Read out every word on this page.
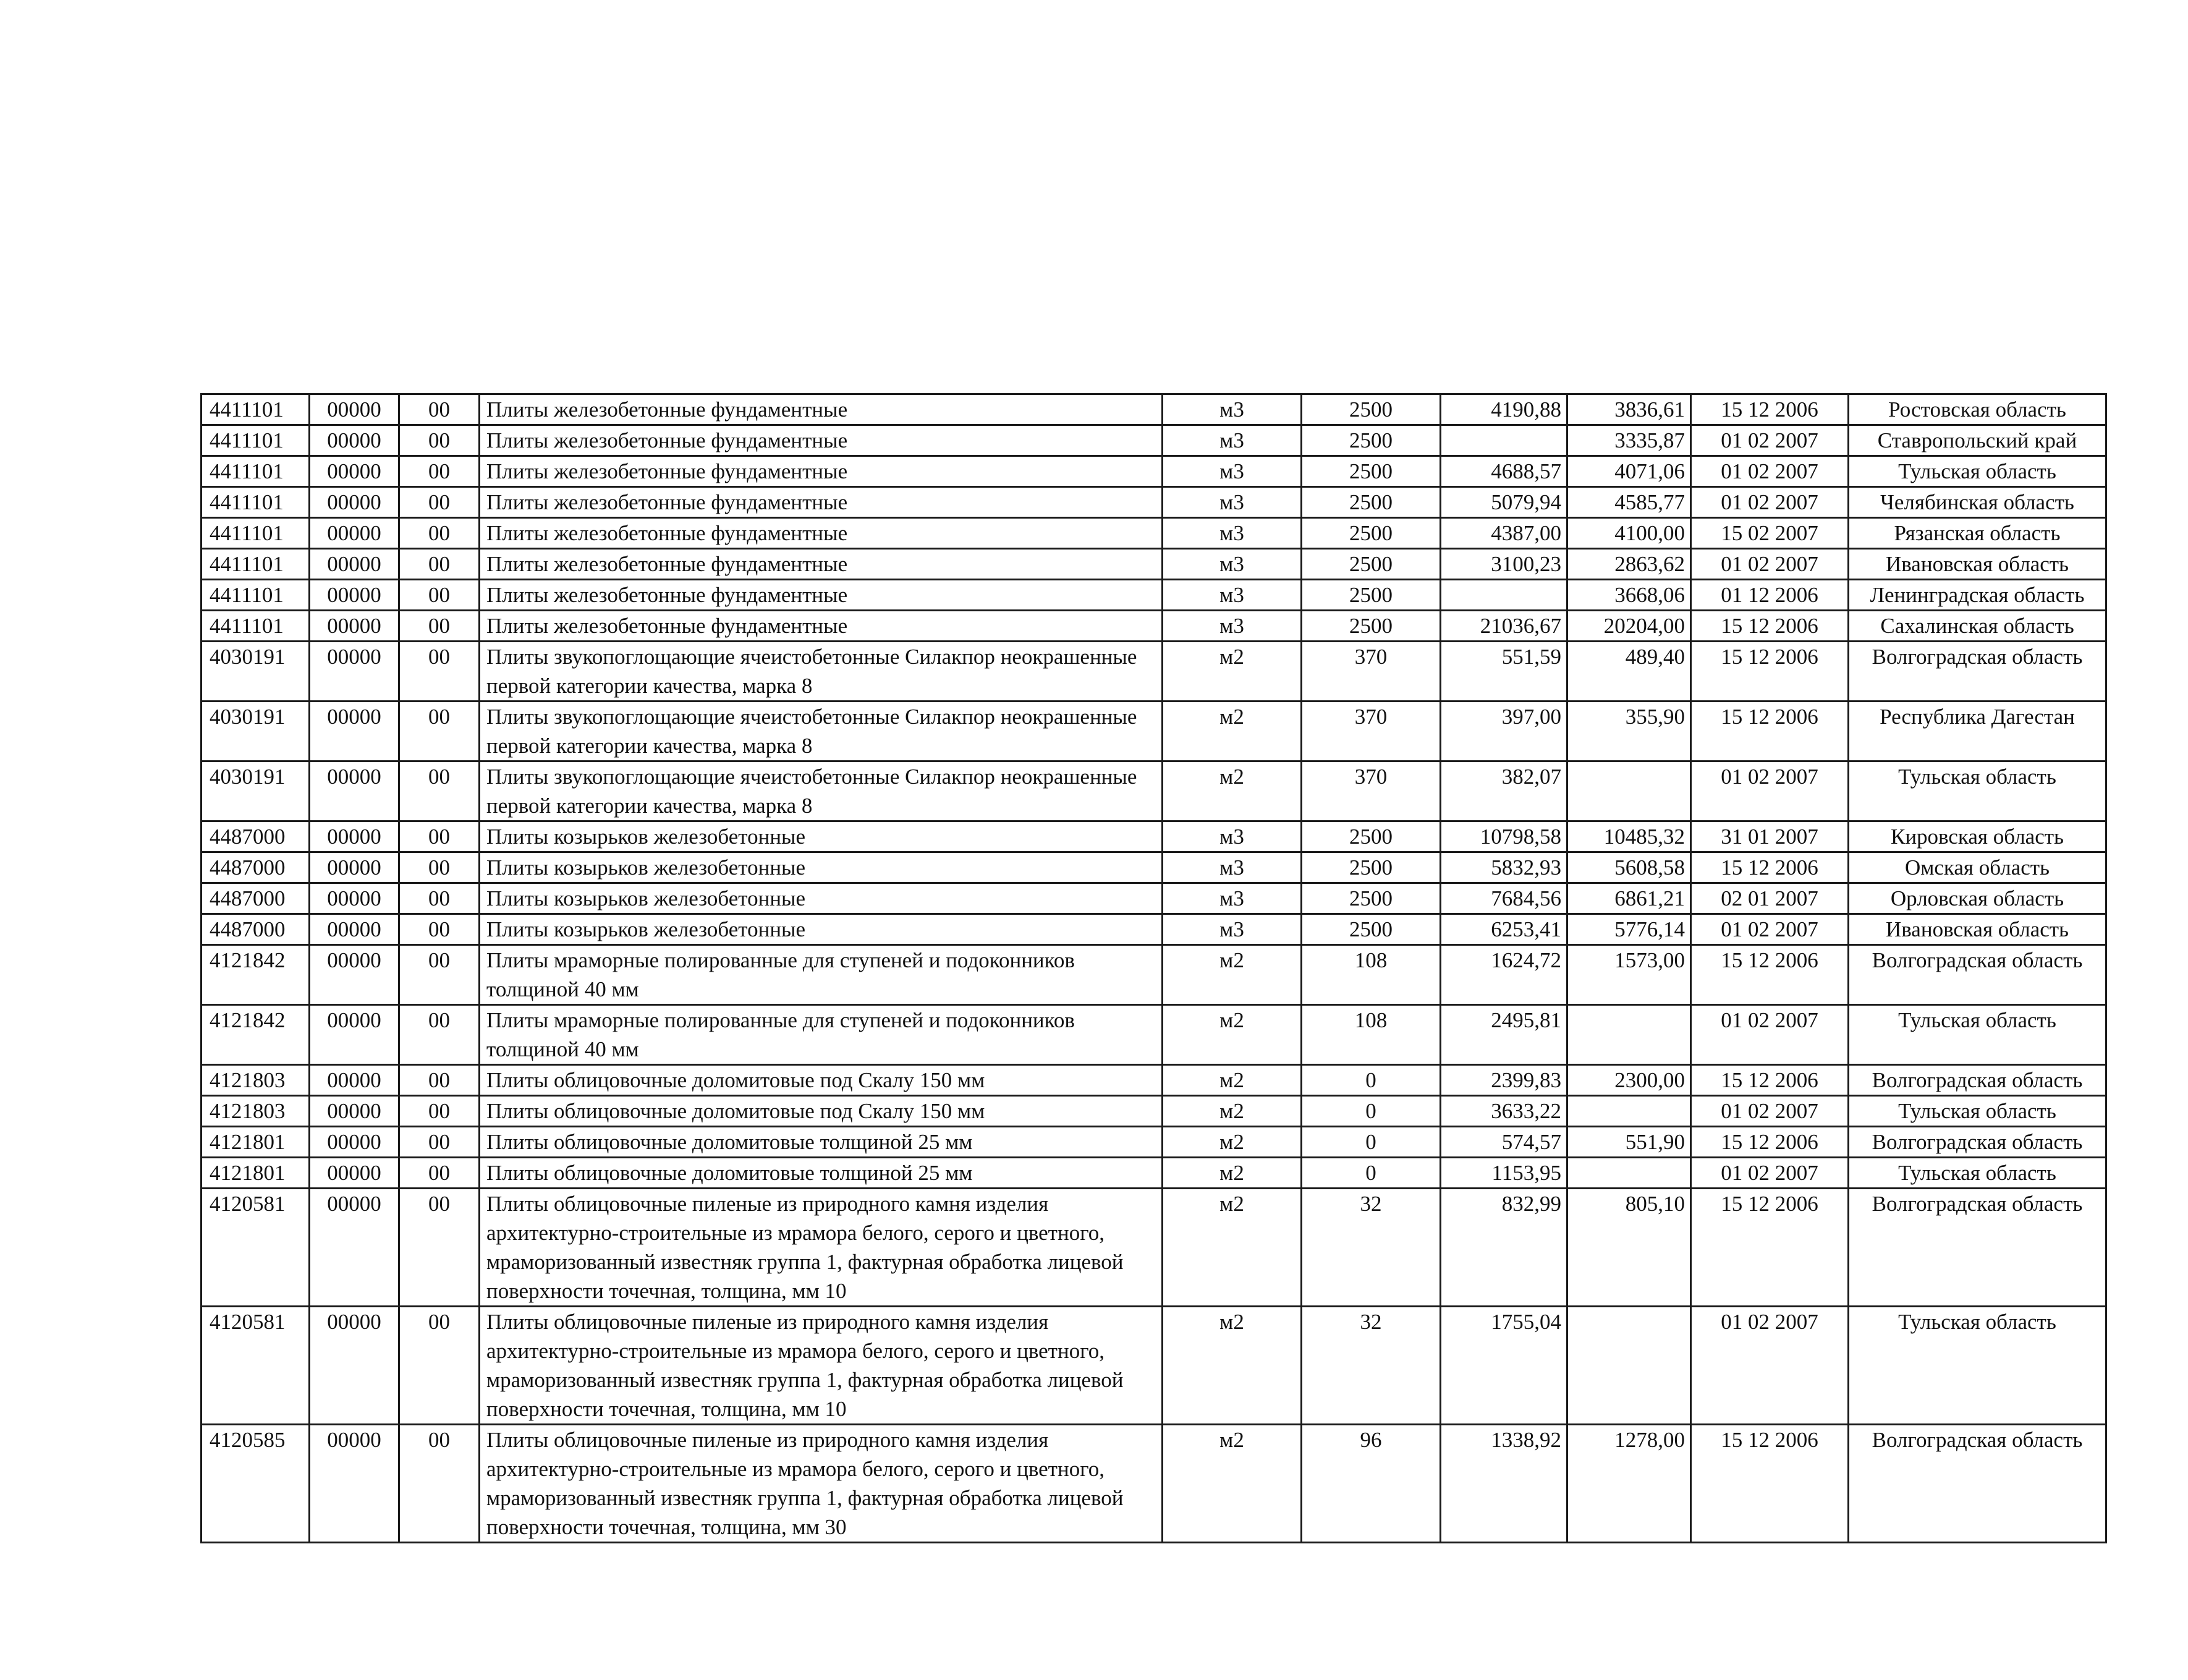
4411101	00000	00	Плиты железобетонные фундаментные	м3	2500	4190,88	3836,61	15 12 2006	Ростовская область
4411101	00000	00	Плиты железобетонные фундаментные	м3	2500		3335,87	01 02 2007	Ставропольский край
4411101	00000	00	Плиты железобетонные фундаментные	м3	2500	4688,57	4071,06	01 02 2007	Тульская область
4411101	00000	00	Плиты железобетонные фундаментные	м3	2500	5079,94	4585,77	01 02 2007	Челябинская область
4411101	00000	00	Плиты железобетонные фундаментные	м3	2500	4387,00	4100,00	15 02 2007	Рязанская область
4411101	00000	00	Плиты железобетонные фундаментные	м3	2500	3100,23	2863,62	01 02 2007	Ивановская область
4411101	00000	00	Плиты железобетонные фундаментные	м3	2500		3668,06	01 12 2006	Ленинградская область
4411101	00000	00	Плиты железобетонные фундаментные	м3	2500	21036,67	20204,00	15 12 2006	Сахалинская область
4030191	00000	00	Плиты звукопоглощающие ячеистобетонные Силакпор неокрашенные первой категории качества, марка 8	м2	370	551,59	489,40	15 12 2006	Волгоградская область
4030191	00000	00	Плиты звукопоглощающие ячеистобетонные Силакпор неокрашенные первой категории качества, марка 8	м2	370	397,00	355,90	15 12 2006	Республика Дагестан
4030191	00000	00	Плиты звукопоглощающие ячеистобетонные Силакпор неокрашенные первой категории качества, марка 8	м2	370	382,07		01 02 2007	Тульская область
4487000	00000	00	Плиты козырьков железобетонные	м3	2500	10798,58	10485,32	31 01 2007	Кировская область
4487000	00000	00	Плиты козырьков железобетонные	м3	2500	5832,93	5608,58	15 12 2006	Омская область
4487000	00000	00	Плиты козырьков железобетонные	м3	2500	7684,56	6861,21	02 01 2007	Орловская область
4487000	00000	00	Плиты козырьков железобетонные	м3	2500	6253,41	5776,14	01 02 2007	Ивановская область
4121842	00000	00	Плиты мраморные полированные для ступеней и подоконников толщиной 40 мм	м2	108	1624,72	1573,00	15 12 2006	Волгоградская область
4121842	00000	00	Плиты мраморные полированные для ступеней и подоконников толщиной 40 мм	м2	108	2495,81		01 02 2007	Тульская область
4121803	00000	00	Плиты облицовочные доломитовые под Скалу 150 мм	м2	0	2399,83	2300,00	15 12 2006	Волгоградская область
4121803	00000	00	Плиты облицовочные доломитовые под Скалу 150 мм	м2	0	3633,22		01 02 2007	Тульская область
4121801	00000	00	Плиты облицовочные доломитовые толщиной 25 мм	м2	0	574,57	551,90	15 12 2006	Волгоградская область
4121801	00000	00	Плиты облицовочные доломитовые толщиной 25 мм	м2	0	1153,95		01 02 2007	Тульская область
4120581	00000	00	Плиты облицовочные пиленые из природного камня изделия архитектурно-строительные из мрамора белого, серого и цветного, мраморизованный известняк группа 1, фактурная обработка лицевой поверхности точечная, толщина, мм 10	м2	32	832,99	805,10	15 12 2006	Волгоградская область
4120581	00000	00	Плиты облицовочные пиленые из природного камня изделия архитектурно-строительные из мрамора белого, серого и цветного, мраморизованный известняк группа 1, фактурная обработка лицевой поверхности точечная, толщина, мм 10	м2	32	1755,04		01 02 2007	Тульская область
4120585	00000	00	Плиты облицовочные пиленые из природного камня изделия архитектурно-строительные из мрамора белого, серого и цветного, мраморизованный известняк группа 1, фактурная обработка лицевой поверхности точечная, толщина, мм 30	м2	96	1338,92	1278,00	15 12 2006	Волгоградская область
